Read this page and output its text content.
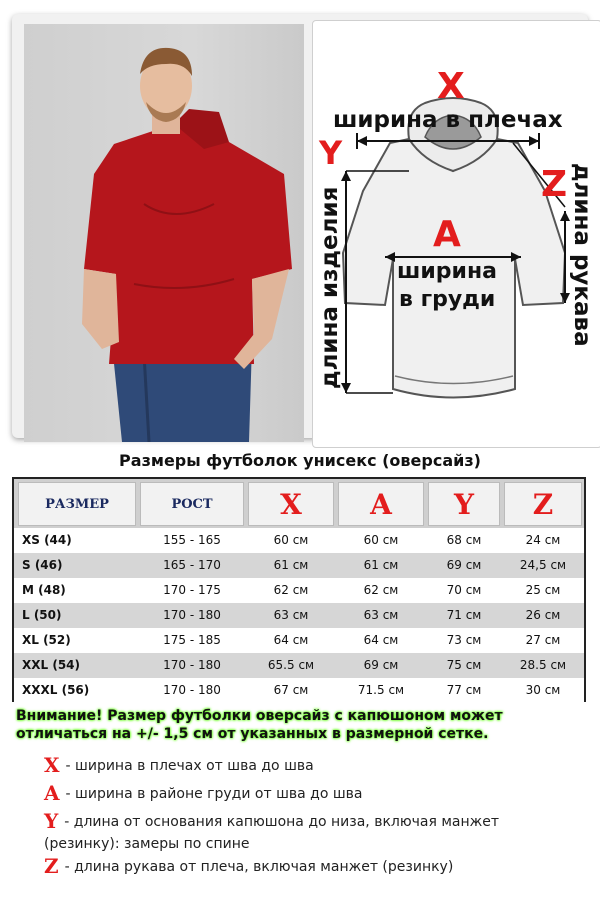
X
ширина в плечах
Y
длина изделия
Z длина рукава
A
ширина
в груди
Размеры футболок унисекс (оверсайз)
РАЗМЕР	РОСТ	X	A	Y	Z
XS (44)	155 - 165	60 см	60 см	68 см	24 см
S (46)	165 - 170	61 см	61 см	69 см	24,5 см
M (48)	170 - 175	62 см	62 см	70 см	25 см
L (50)	170 - 180	63 см	63 см	71 см	26 см
XL (52)	175 - 185	64 см	64 см	73 см	27 см
XXL (54)	170 - 180	65.5 см	69 см	75 см	28.5 см
XXXL (56)	170 - 180	67 см	71.5 см	77 см	30 см
Внимание! Размер футболки оверсайз с капюшоном может отличаться на +/- 1,5 см от указанных в размерной сетке.
X - ширина в плечах от шва до шва
A - ширина в районе груди от шва до шва
Y - длина от основания капюшона до низа, включая манжет (резинку): замеры по спине
Z - длина рукава от плеча, включая манжет (резинку)
